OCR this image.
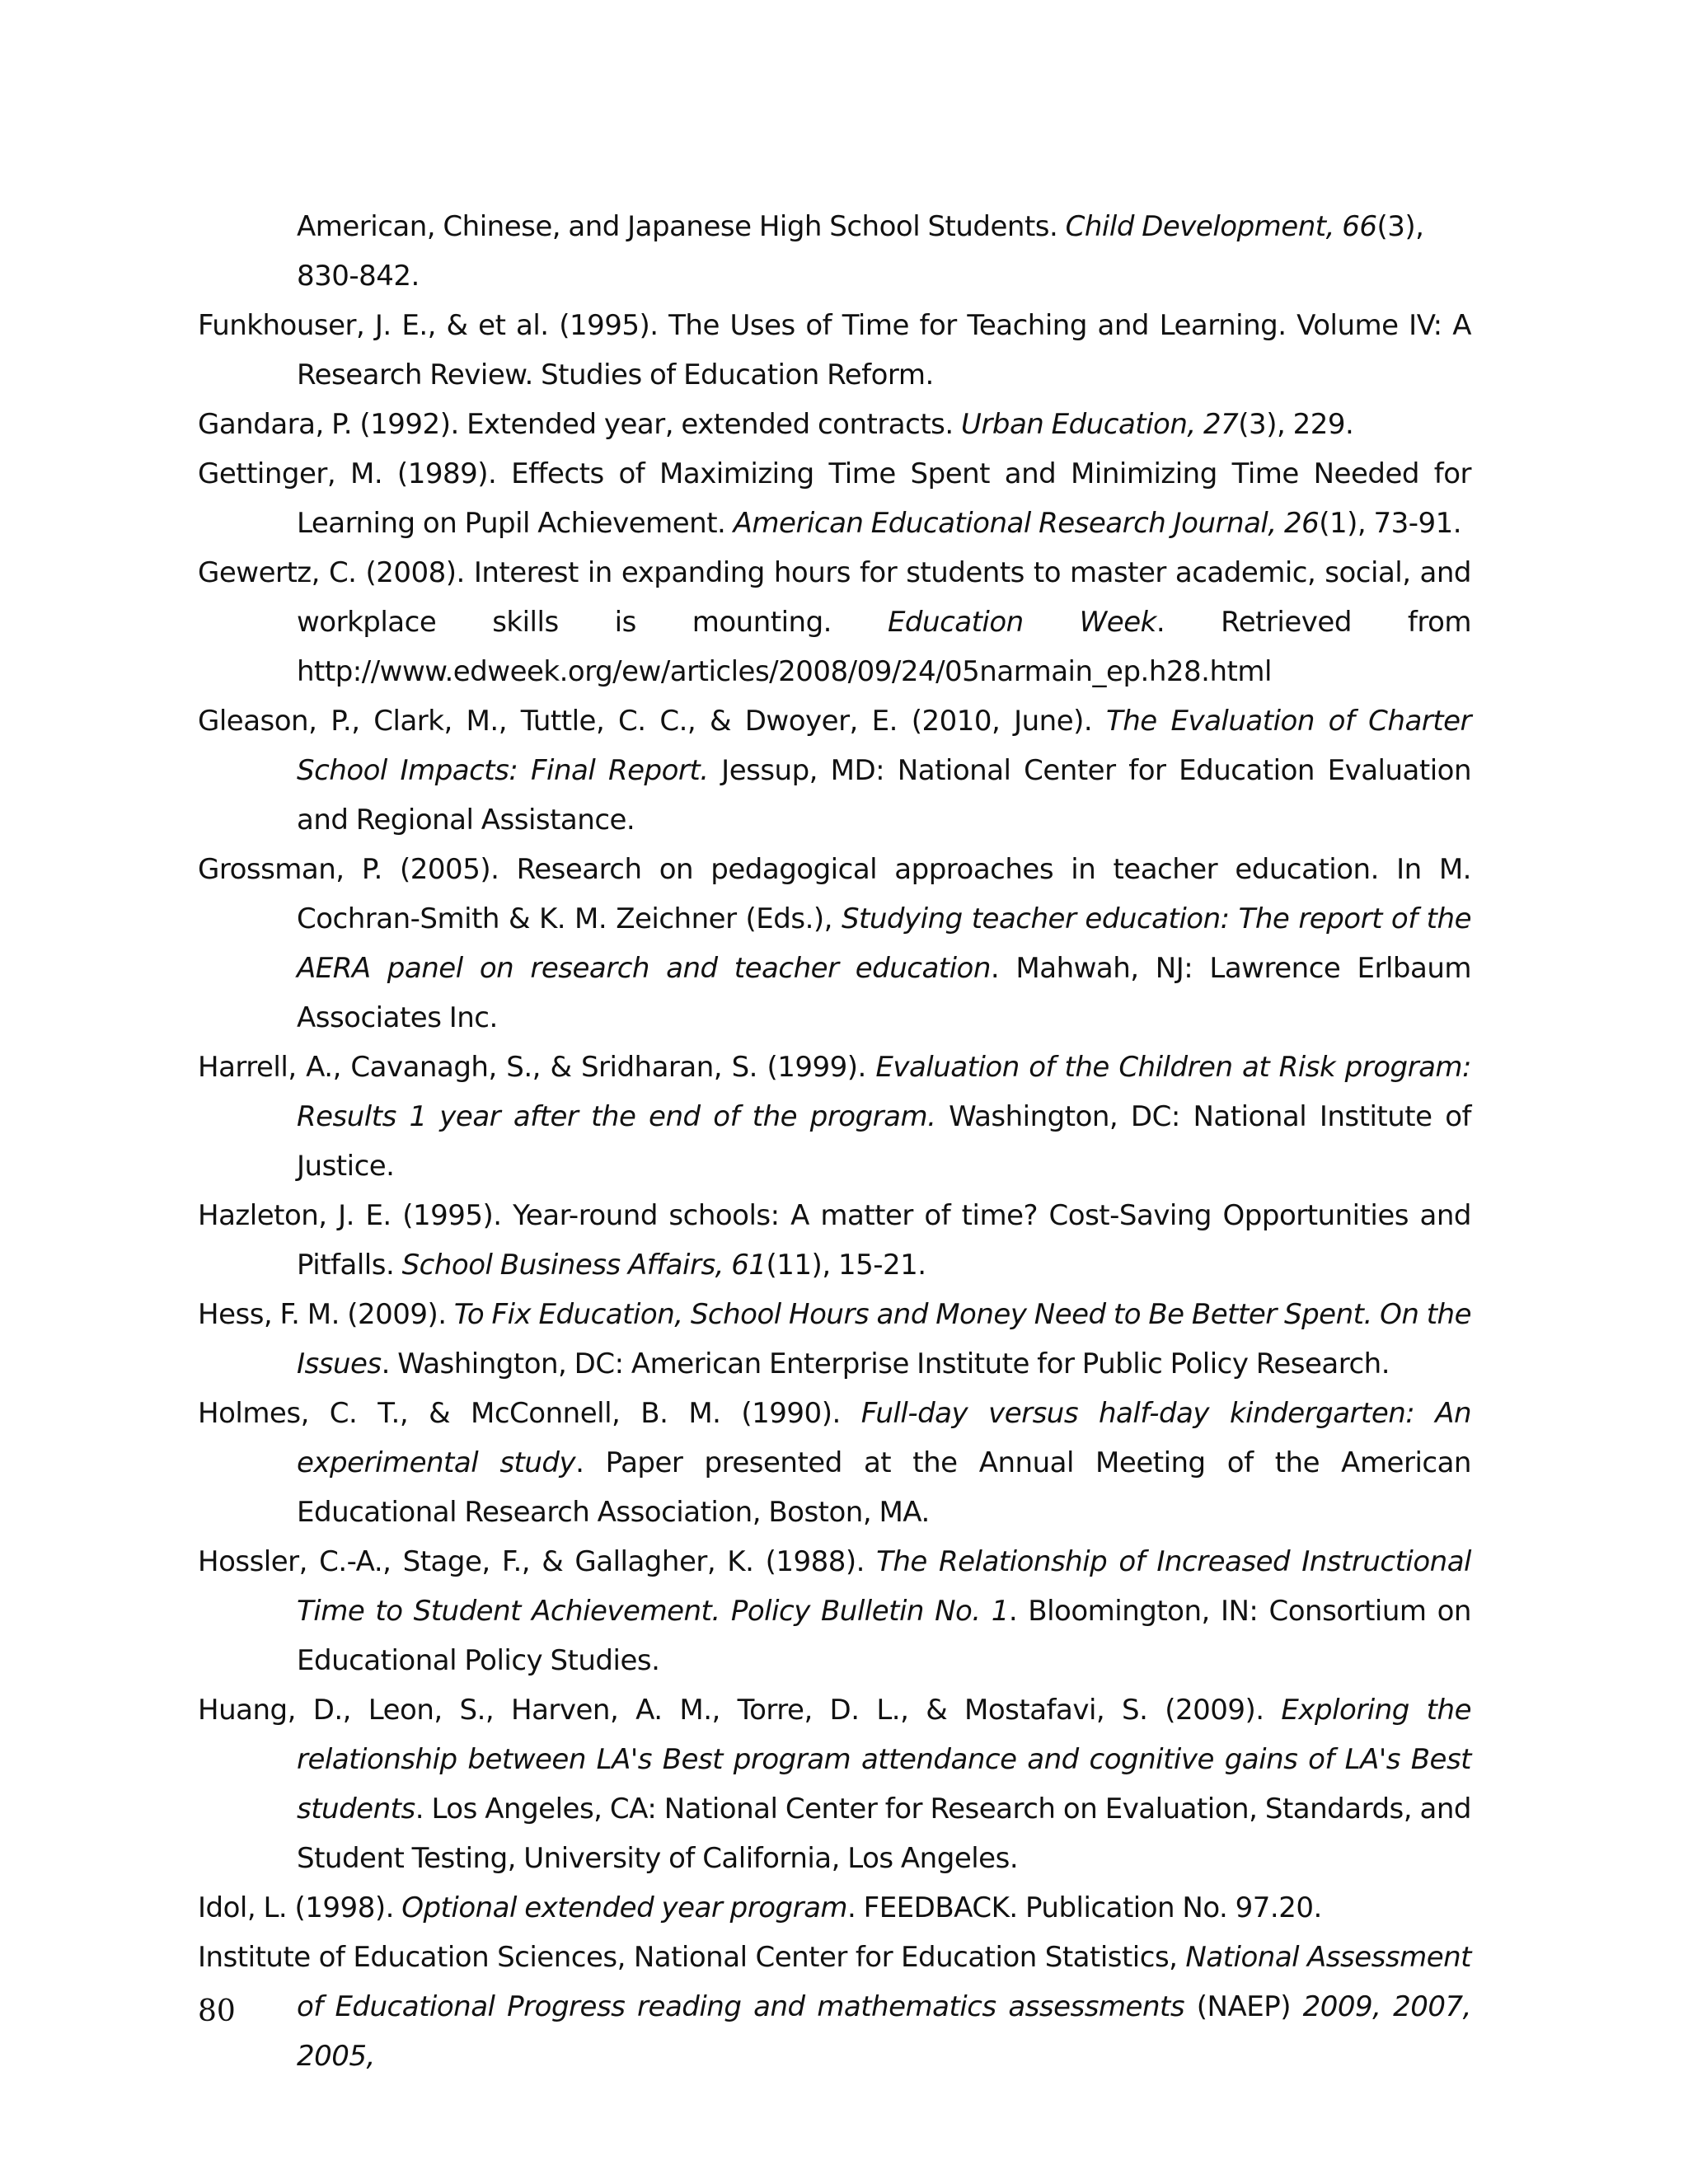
American, Chinese, and Japanese High School Students. Child Development, 66(3), 830-842.

Funkhouser, J. E., & et al. (1995). The Uses of Time for Teaching and Learning. Volume IV: A Research Review. Studies of Education Reform.

Gandara, P. (1992). Extended year, extended contracts. Urban Education, 27(3), 229.

Gettinger, M. (1989). Effects of Maximizing Time Spent and Minimizing Time Needed for Learning on Pupil Achievement. American Educational Research Journal, 26(1), 73-91.

Gewertz, C. (2008). Interest in expanding hours for students to master academic, social, and workplace skills is mounting. Education Week. Retrieved from http://www.edweek.org/ew/articles/2008/09/24/05narmain_ep.h28.html

Gleason, P., Clark, M., Tuttle, C. C., & Dwoyer, E. (2010, June). The Evaluation of Charter School Impacts: Final Report. Jessup, MD: National Center for Education Evaluation and Regional Assistance.

Grossman, P. (2005). Research on pedagogical approaches in teacher education. In M. Cochran-Smith & K. M. Zeichner (Eds.), Studying teacher education: The report of the AERA panel on research and teacher education. Mahwah, NJ: Lawrence Erlbaum Associates Inc.

Harrell, A., Cavanagh, S., & Sridharan, S. (1999). Evaluation of the Children at Risk program: Results 1 year after the end of the program. Washington, DC: National Institute of Justice.

Hazleton, J. E. (1995). Year-round schools: A matter of time? Cost-Saving Opportunities and Pitfalls. School Business Affairs, 61(11), 15-21.

Hess, F. M. (2009). To Fix Education, School Hours and Money Need to Be Better Spent. On the Issues. Washington, DC: American Enterprise Institute for Public Policy Research.

Holmes, C. T., & McConnell, B. M. (1990). Full-day versus half-day kindergarten: An experimental study. Paper presented at the Annual Meeting of the American Educational Research Association, Boston, MA.

Hossler, C.-A., Stage, F., & Gallagher, K. (1988). The Relationship of Increased Instructional Time to Student Achievement. Policy Bulletin No. 1. Bloomington, IN: Consortium on Educational Policy Studies.

Huang, D., Leon, S., Harven, A. M., Torre, D. L., & Mostafavi, S. (2009). Exploring the relationship between LA's Best program attendance and cognitive gains of LA's Best students. Los Angeles, CA: National Center for Research on Evaluation, Standards, and Student Testing, University of California, Los Angeles.

Idol, L. (1998). Optional extended year program. FEEDBACK. Publication No. 97.20.

Institute of Education Sciences, National Center for Education Statistics, National Assessment of Educational Progress reading and mathematics assessments (NAEP) 2009, 2007, 2005,

80
